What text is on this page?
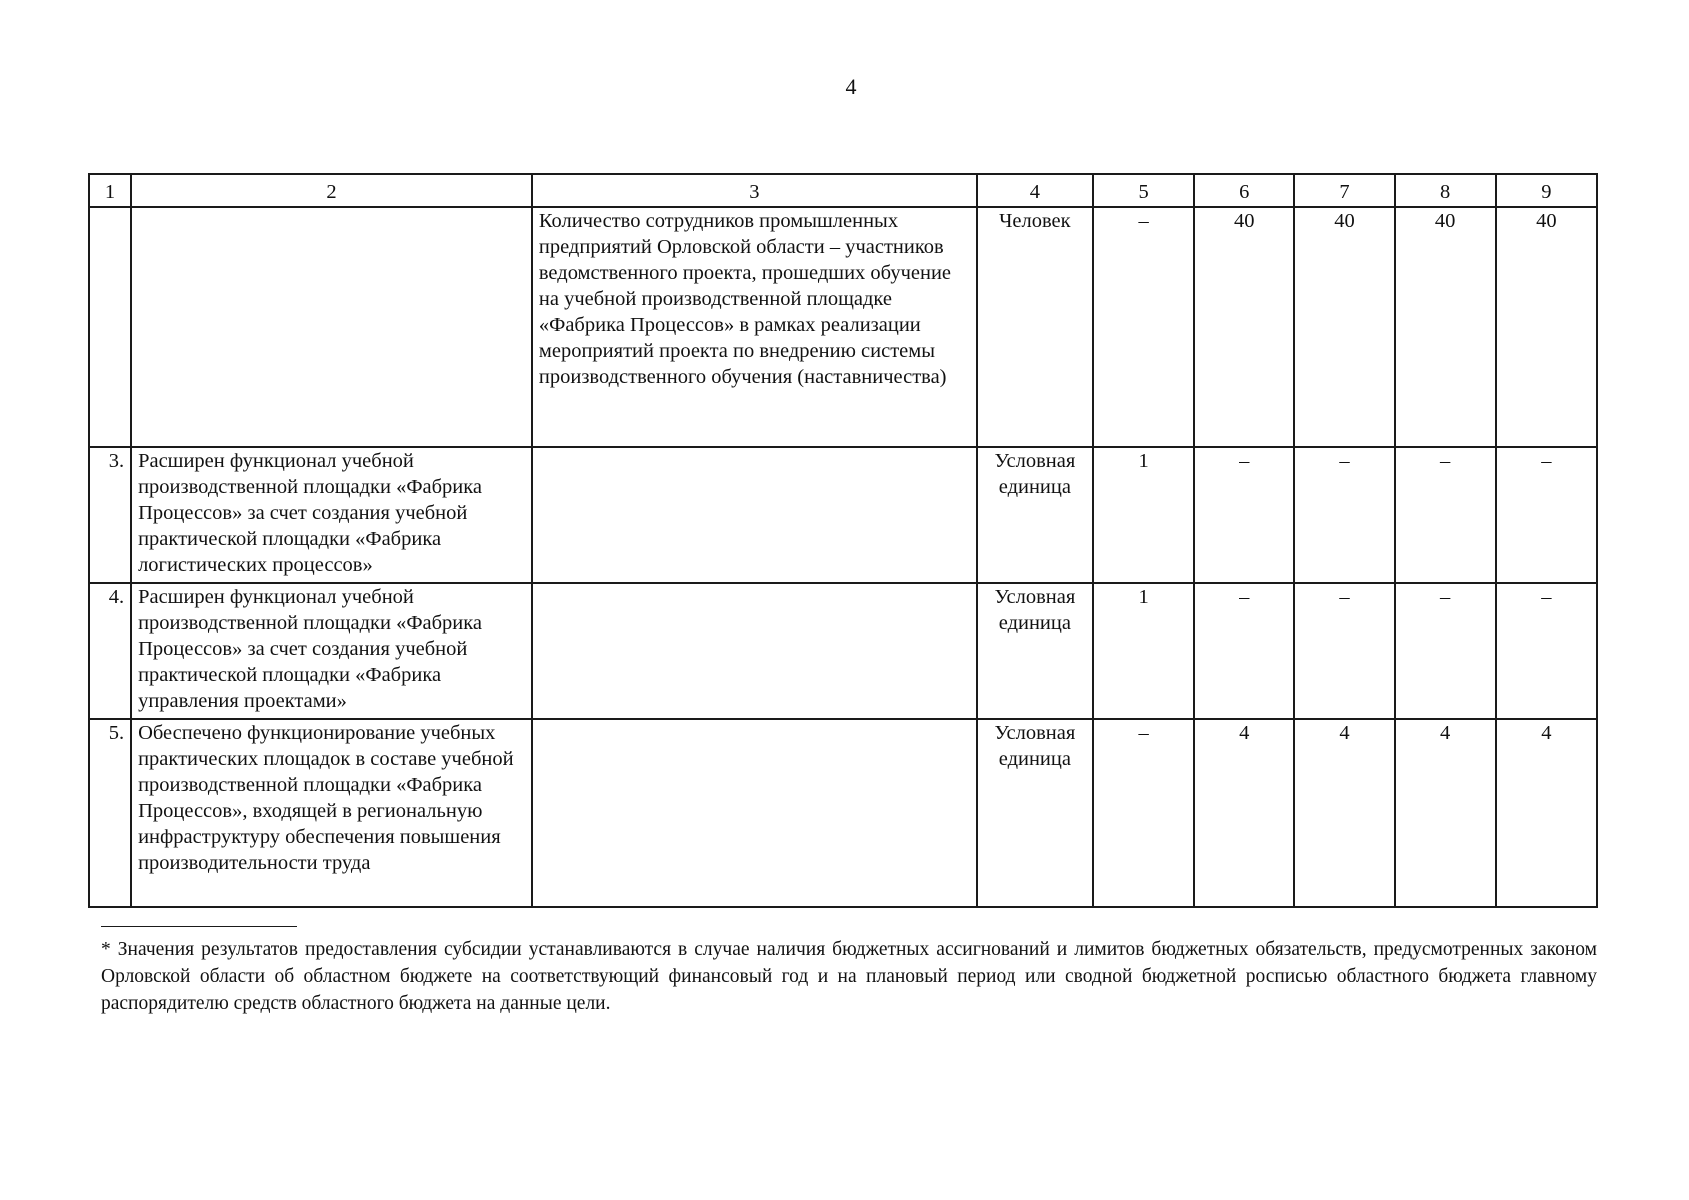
4
1	2	3	4	5	6	7	8	9
		Количество сотрудников промышленных предприятий Орловской области – участников ведомственного проекта, прошедших обучение на учебной производственной площадке «Фабрика Процессов» в рамках реализации мероприятий проекта по внедрению системы производственного обучения (наставничества)	Человек	–	40	40	40	40
3.	Расширен функционал учебной производственной площадки «Фабрика Процессов» за счет создания учебной практической площадки «Фабрика логистических процессов»		Условная единица	1	–	–	–	–
4.	Расширен функционал учебной производственной площадки «Фабрика Процессов» за счет создания учебной практической площадки «Фабрика управления проектами»		Условная единица	1	–	–	–	–
5.	Обеспечено функционирование учебных практических площадок в составе учебной производственной площадки «Фабрика Процессов», входящей в региональную инфраструктуру обеспечения повышения производительности труда		Условная единица	–	4	4	4	4
* Значения результатов предоставления субсидии устанавливаются в случае наличия бюджетных ассигнований и лимитов бюджетных обязательств, предусмотренных законом Орловской области об областном бюджете на соответствующий финансовый год и на плановый период или сводной бюджетной росписью областного бюджета главному распорядителю средств областного бюджета на данные цели.
